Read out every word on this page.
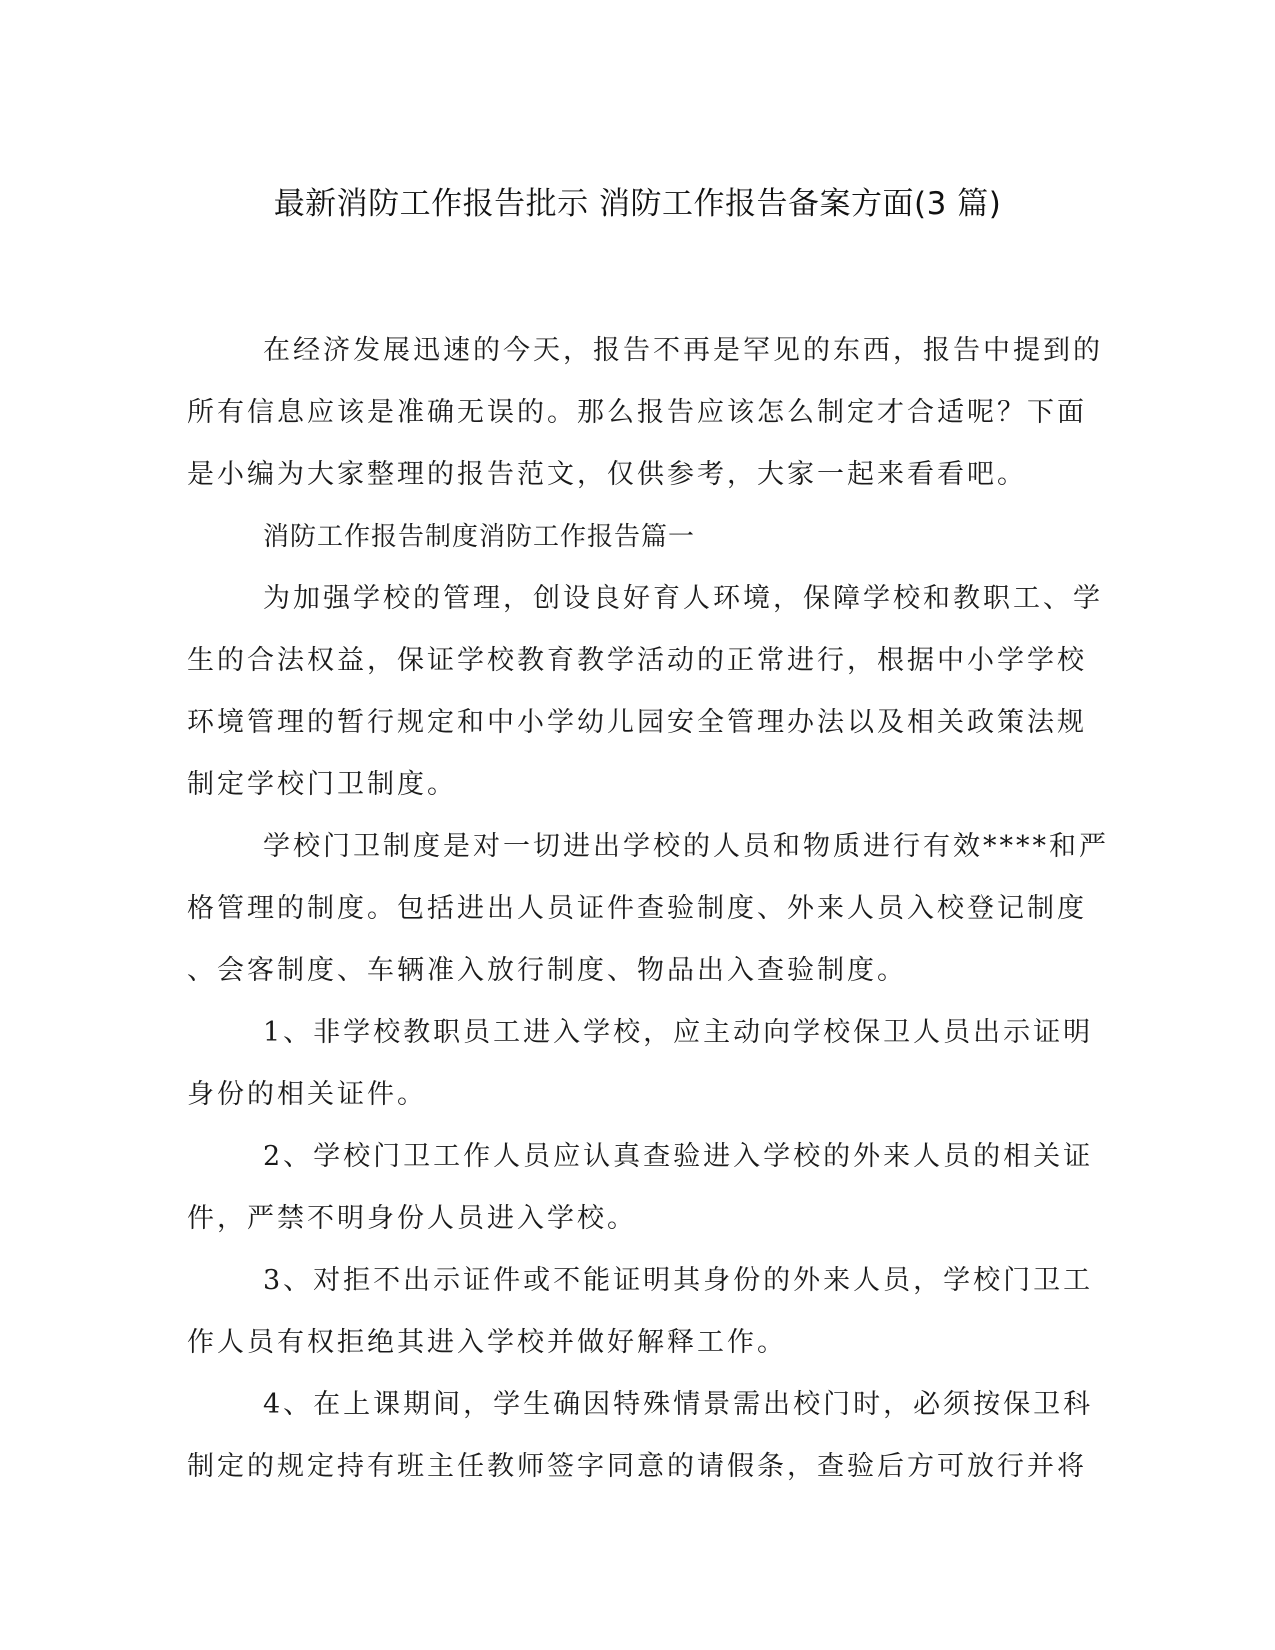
最新消防工作报告批示 消防工作报告备案方面(3 篇)
在经济发展迅速的今天，报告不再是罕见的东西，报告中提到的
所有信息应该是准确无误的。那么报告应该怎么制定才合适呢？下面
是小编为大家整理的报告范文，仅供参考，大家一起来看看吧。
消防工作报告制度消防工作报告篇一
为加强学校的管理，创设良好育人环境，保障学校和教职工、学
生的合法权益，保证学校教育教学活动的正常进行，根据中小学学校
环境管理的暂行规定和中小学幼儿园安全管理办法以及相关政策法规
制定学校门卫制度。
学校门卫制度是对一切进出学校的人员和物质进行有效****和严
格管理的制度。包括进出人员证件查验制度、外来人员入校登记制度
、会客制度、车辆准入放行制度、物品出入查验制度。
1、非学校教职员工进入学校，应主动向学校保卫人员出示证明
身份的相关证件。
2、学校门卫工作人员应认真查验进入学校的外来人员的相关证
件，严禁不明身份人员进入学校。
3、对拒不出示证件或不能证明其身份的外来人员，学校门卫工
作人员有权拒绝其进入学校并做好解释工作。
4、在上课期间，学生确因特殊情景需出校门时，必须按保卫科
制定的规定持有班主任教师签字同意的请假条，查验后方可放行并将
